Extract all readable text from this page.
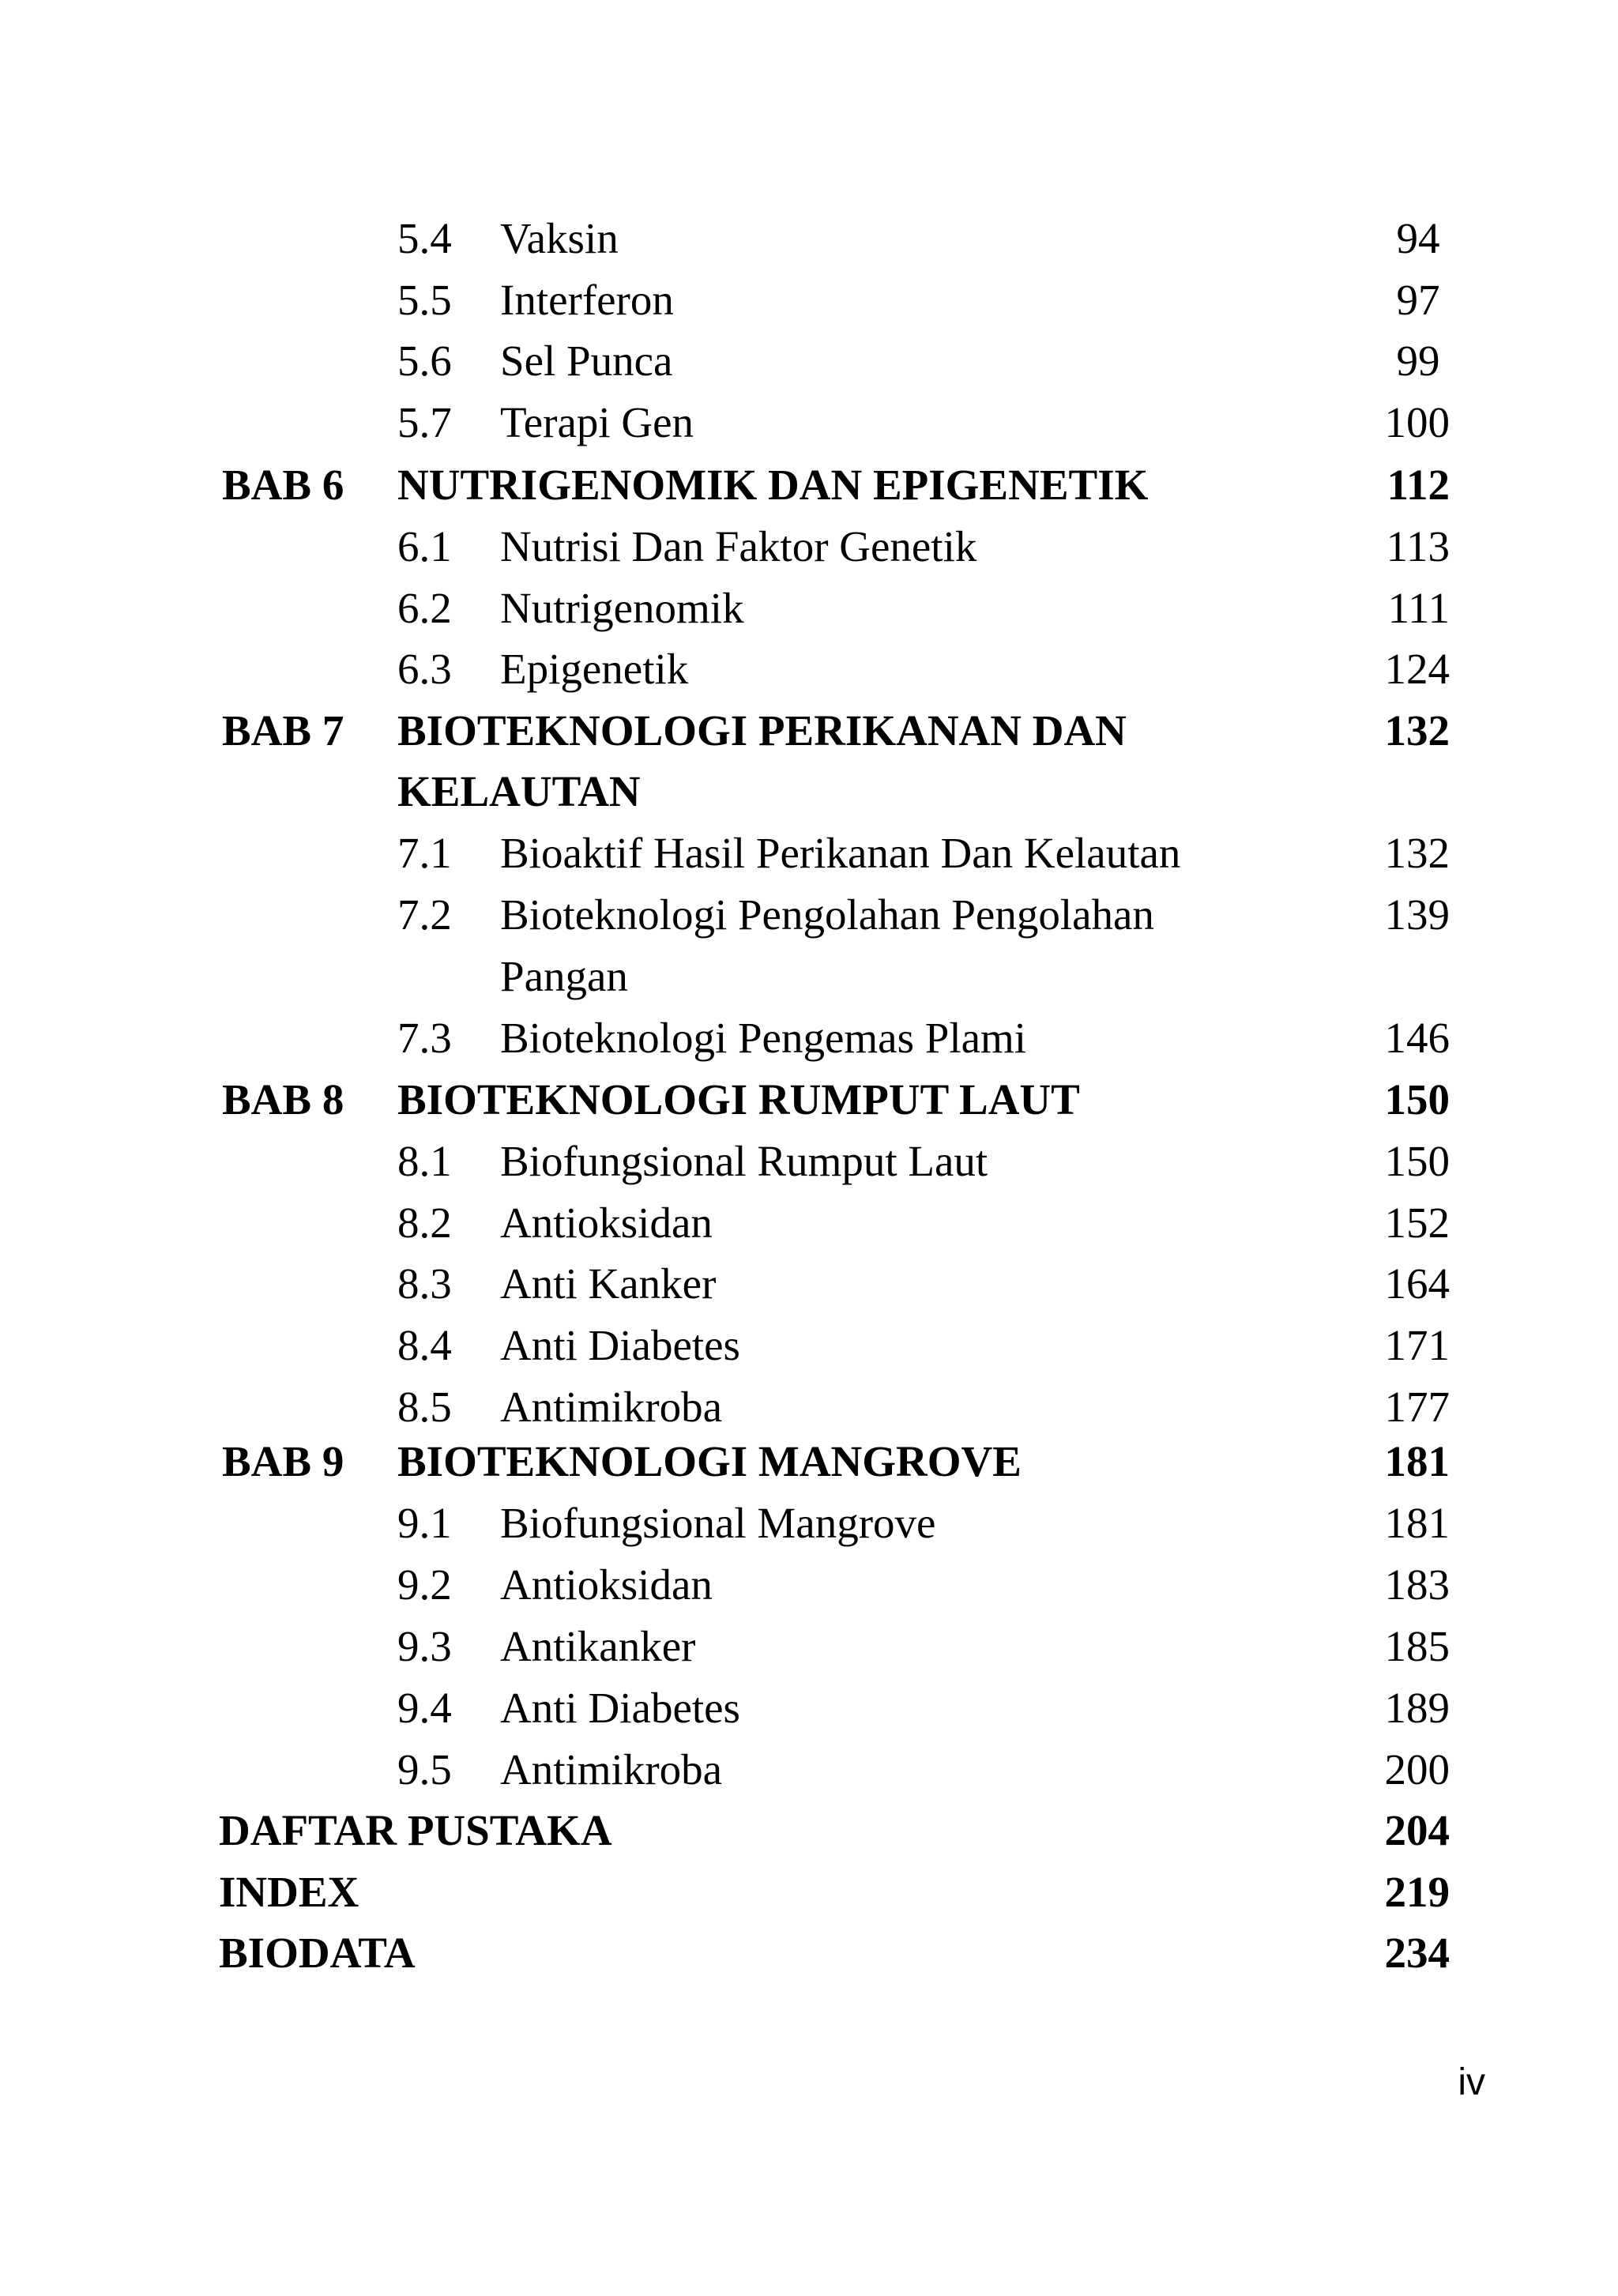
5.4 Vaksin	94
5.5 Interferon	97
5.6 Sel Punca	99
5.7 Terapi Gen	100
BAB 6 NUTRIGENOMIK DAN EPIGENETIK	112
6.1 Nutrisi Dan Faktor Genetik	113
6.2 Nutrigenomik	111
6.3 Epigenetik	124
BAB 7 BIOTEKNOLOGI PERIKANAN DAN	132
KELAUTAN
7.1 Bioaktif Hasil Perikanan Dan Kelautan	132
7.2 Bioteknologi Pengolahan Pengolahan	139
Pangan
7.3 Bioteknologi Pengemas Plami	146
BAB 8 BIOTEKNOLOGI RUMPUT LAUT	150
8.1 Biofungsional Rumput Laut	150
8.2 Antioksidan	152
8.3 Anti Kanker	164
8.4 Anti Diabetes	171
8.5 Antimikroba	177
BAB 9 BIOTEKNOLOGI MANGROVE	181
9.1 Biofungsional Mangrove	181
9.2 Antioksidan	183
9.3 Antikanker	185
9.4 Anti Diabetes	189
9.5 Antimikroba	200
DAFTAR PUSTAKA	204
INDEX	219
BIODATA	234
iv
